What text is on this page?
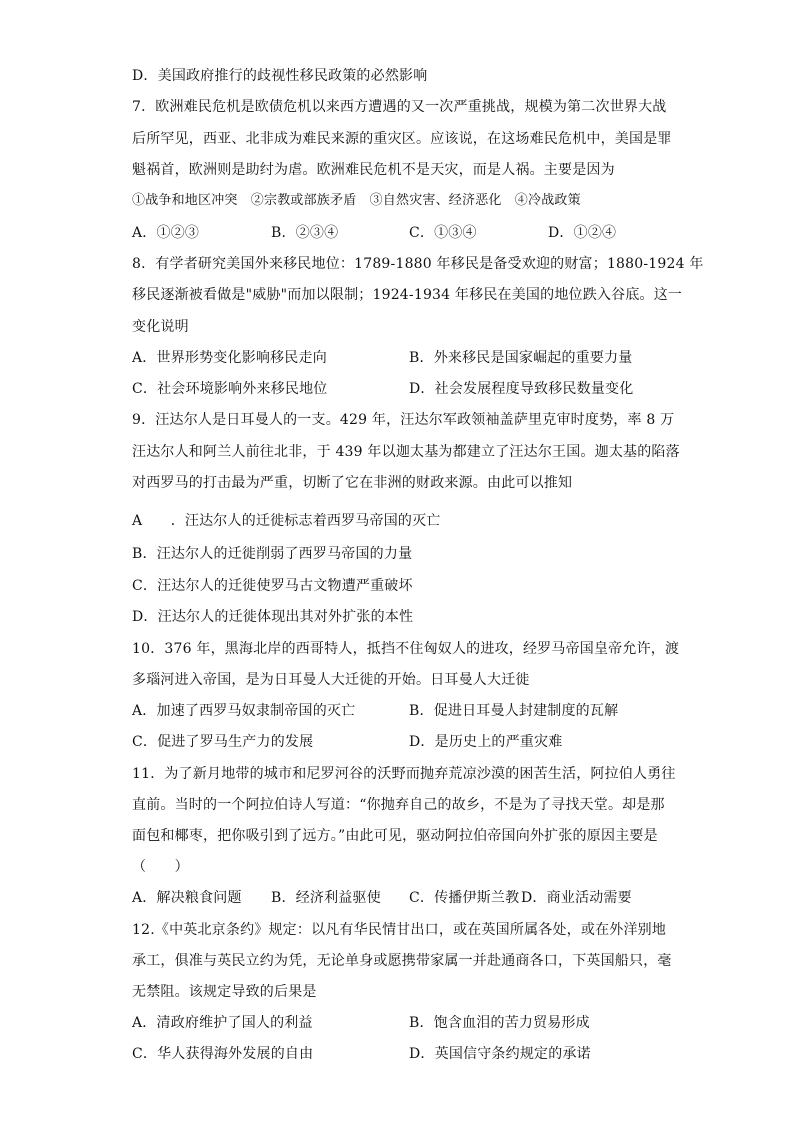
D．美国政府推行的歧视性移民政策的必然影响
7．欧洲难民危机是欧债危机以来西方遭遇的又一次严重挑战，规模为第二次世界大战
后所罕见，西亚、北非成为难民来源的重灾区。应该说，在这场难民危机中，美国是罪
魁祸首，欧洲则是助纣为虐。欧洲难民危机不是天灾，而是人祸。主要是因为
①战争和地区冲突　②宗教或部族矛盾　③自然灾害、经济恶化　④冷战政策
A．①②③	B．②③④	C．①③④	D．①②④
8．有学者研究美国外来移民地位：1789-1880 年移民是备受欢迎的财富；1880-1924 年
移民逐渐被看做是"威胁"而加以限制；1924-1934 年移民在美国的地位跌入谷底。这一
变化说明
A．世界形势变化影响移民走向	B．外来移民是国家崛起的重要力量
C．社会环境影响外来移民地位	D．社会发展程度导致移民数量变化
9．汪达尔人是日耳曼人的一支。429 年，汪达尔军政领袖盖萨里克审时度势，率 8 万
汪达尔人和阿兰人前往北非，于 439 年以迦太基为都建立了汪达尔王国。迦太基的陷落
对西罗马的打击最为严重，切断了它在非洲的财政来源。由此可以推知
A　　．汪达尔人的迁徙标志着西罗马帝国的灭亡
B．汪达尔人的迁徙削弱了西罗马帝国的力量
C．汪达尔人的迁徙使罗马古文物遭严重破坏
D．汪达尔人的迁徙体现出其对外扩张的本性
10．376 年，黑海北岸的西哥特人，抵挡不住匈奴人的进攻，经罗马帝国皇帝允许，渡
多瑙河进入帝国，是为日耳曼人大迁徙的开始。日耳曼人大迁徙
A．加速了西罗马奴隶制帝国的灭亡	B．促进日耳曼人封建制度的瓦解
C．促进了罗马生产力的发展	D．是历史上的严重灾难
11．为了新月地带的城市和尼罗河谷的沃野而抛弃荒凉沙漠的困苦生活，阿拉伯人勇往
直前。当时的一个阿拉伯诗人写道：“你抛弃自己的故乡，不是为了寻找天堂。却是那
面包和椰枣，把你吸引到了远方。”由此可见，驱动阿拉伯帝国向外扩张的原因主要是
（　　）
A．解决粮食问题 B．经济利益驱使 C．传播伊斯兰教 D．商业活动需要
12.《中英北京条约》规定：以凡有华民情甘出口，或在英国所属各处，或在外洋别地
承工，俱准与英民立约为凭，无论单身或愿携带家属一并赴通商各口，下英国船只，毫
无禁阻。该规定导致的后果是
A．清政府维护了国人的利益	B．饱含血泪的苦力贸易形成
C．华人获得海外发展的自由	D．英国信守条约规定的承诺
